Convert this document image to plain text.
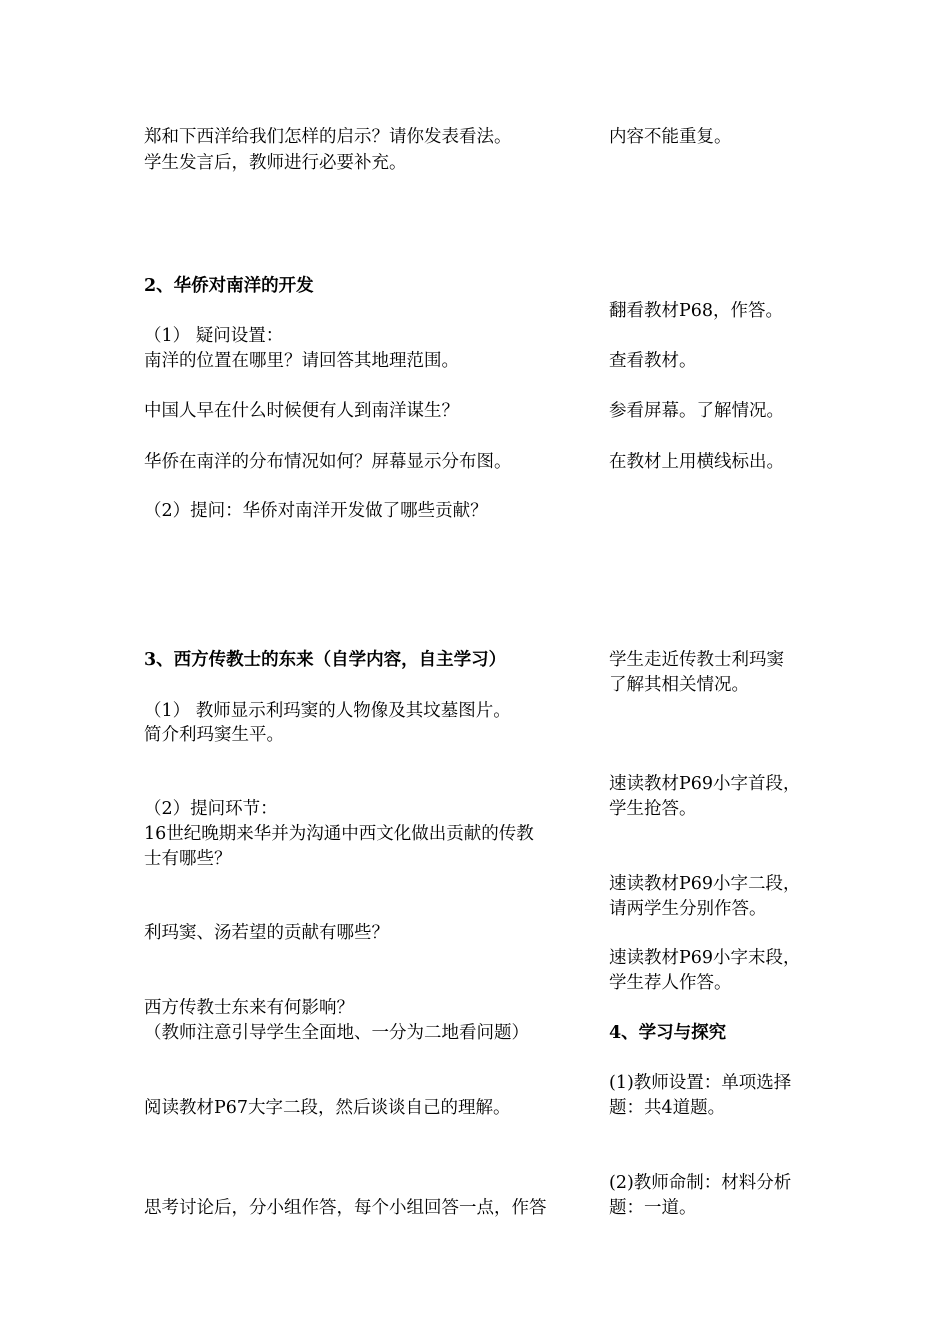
郑和下西洋给我们怎样的启示？请你发表看法。
学生发言后，教师进行必要补充。
2、华侨对南洋的开发
（1） 疑问设置：
南洋的位置在哪里？请回答其地理范围。
中国人早在什么时候便有人到南洋谋生？
华侨在南洋的分布情况如何？屏幕显示分布图。
（2）提问：华侨对南洋开发做了哪些贡献？
3、西方传教士的东来（自学内容，自主学习）
（1） 教师显示利玛窦的人物像及其坟墓图片。
简介利玛窦生平。
（2）提问环节：
16世纪晚期来华并为沟通中西文化做出贡献的传教
士有哪些？
利玛窦、汤若望的贡献有哪些？
西方传教士东来有何影响？
（教师注意引导学生全面地、一分为二地看问题）
阅读教材P67大字二段，然后谈谈自己的理解。
思考讨论后，分小组作答，每个小组回答一点，作答
内容不能重复。
翻看教材P68，作答。
查看教材。
参看屏幕。了解情况。
在教材上用横线标出。
学生走近传教士利玛窦
了解其相关情况。
速读教材P69小字首段，
学生抢答。
速读教材P69小字二段，
请两学生分别作答。
速读教材P69小字末段，
学生荐人作答。
4、学习与探究
(1)教师设置：单项选择
题：共4道题。
(2)教师命制：材料分析
题：一道。
